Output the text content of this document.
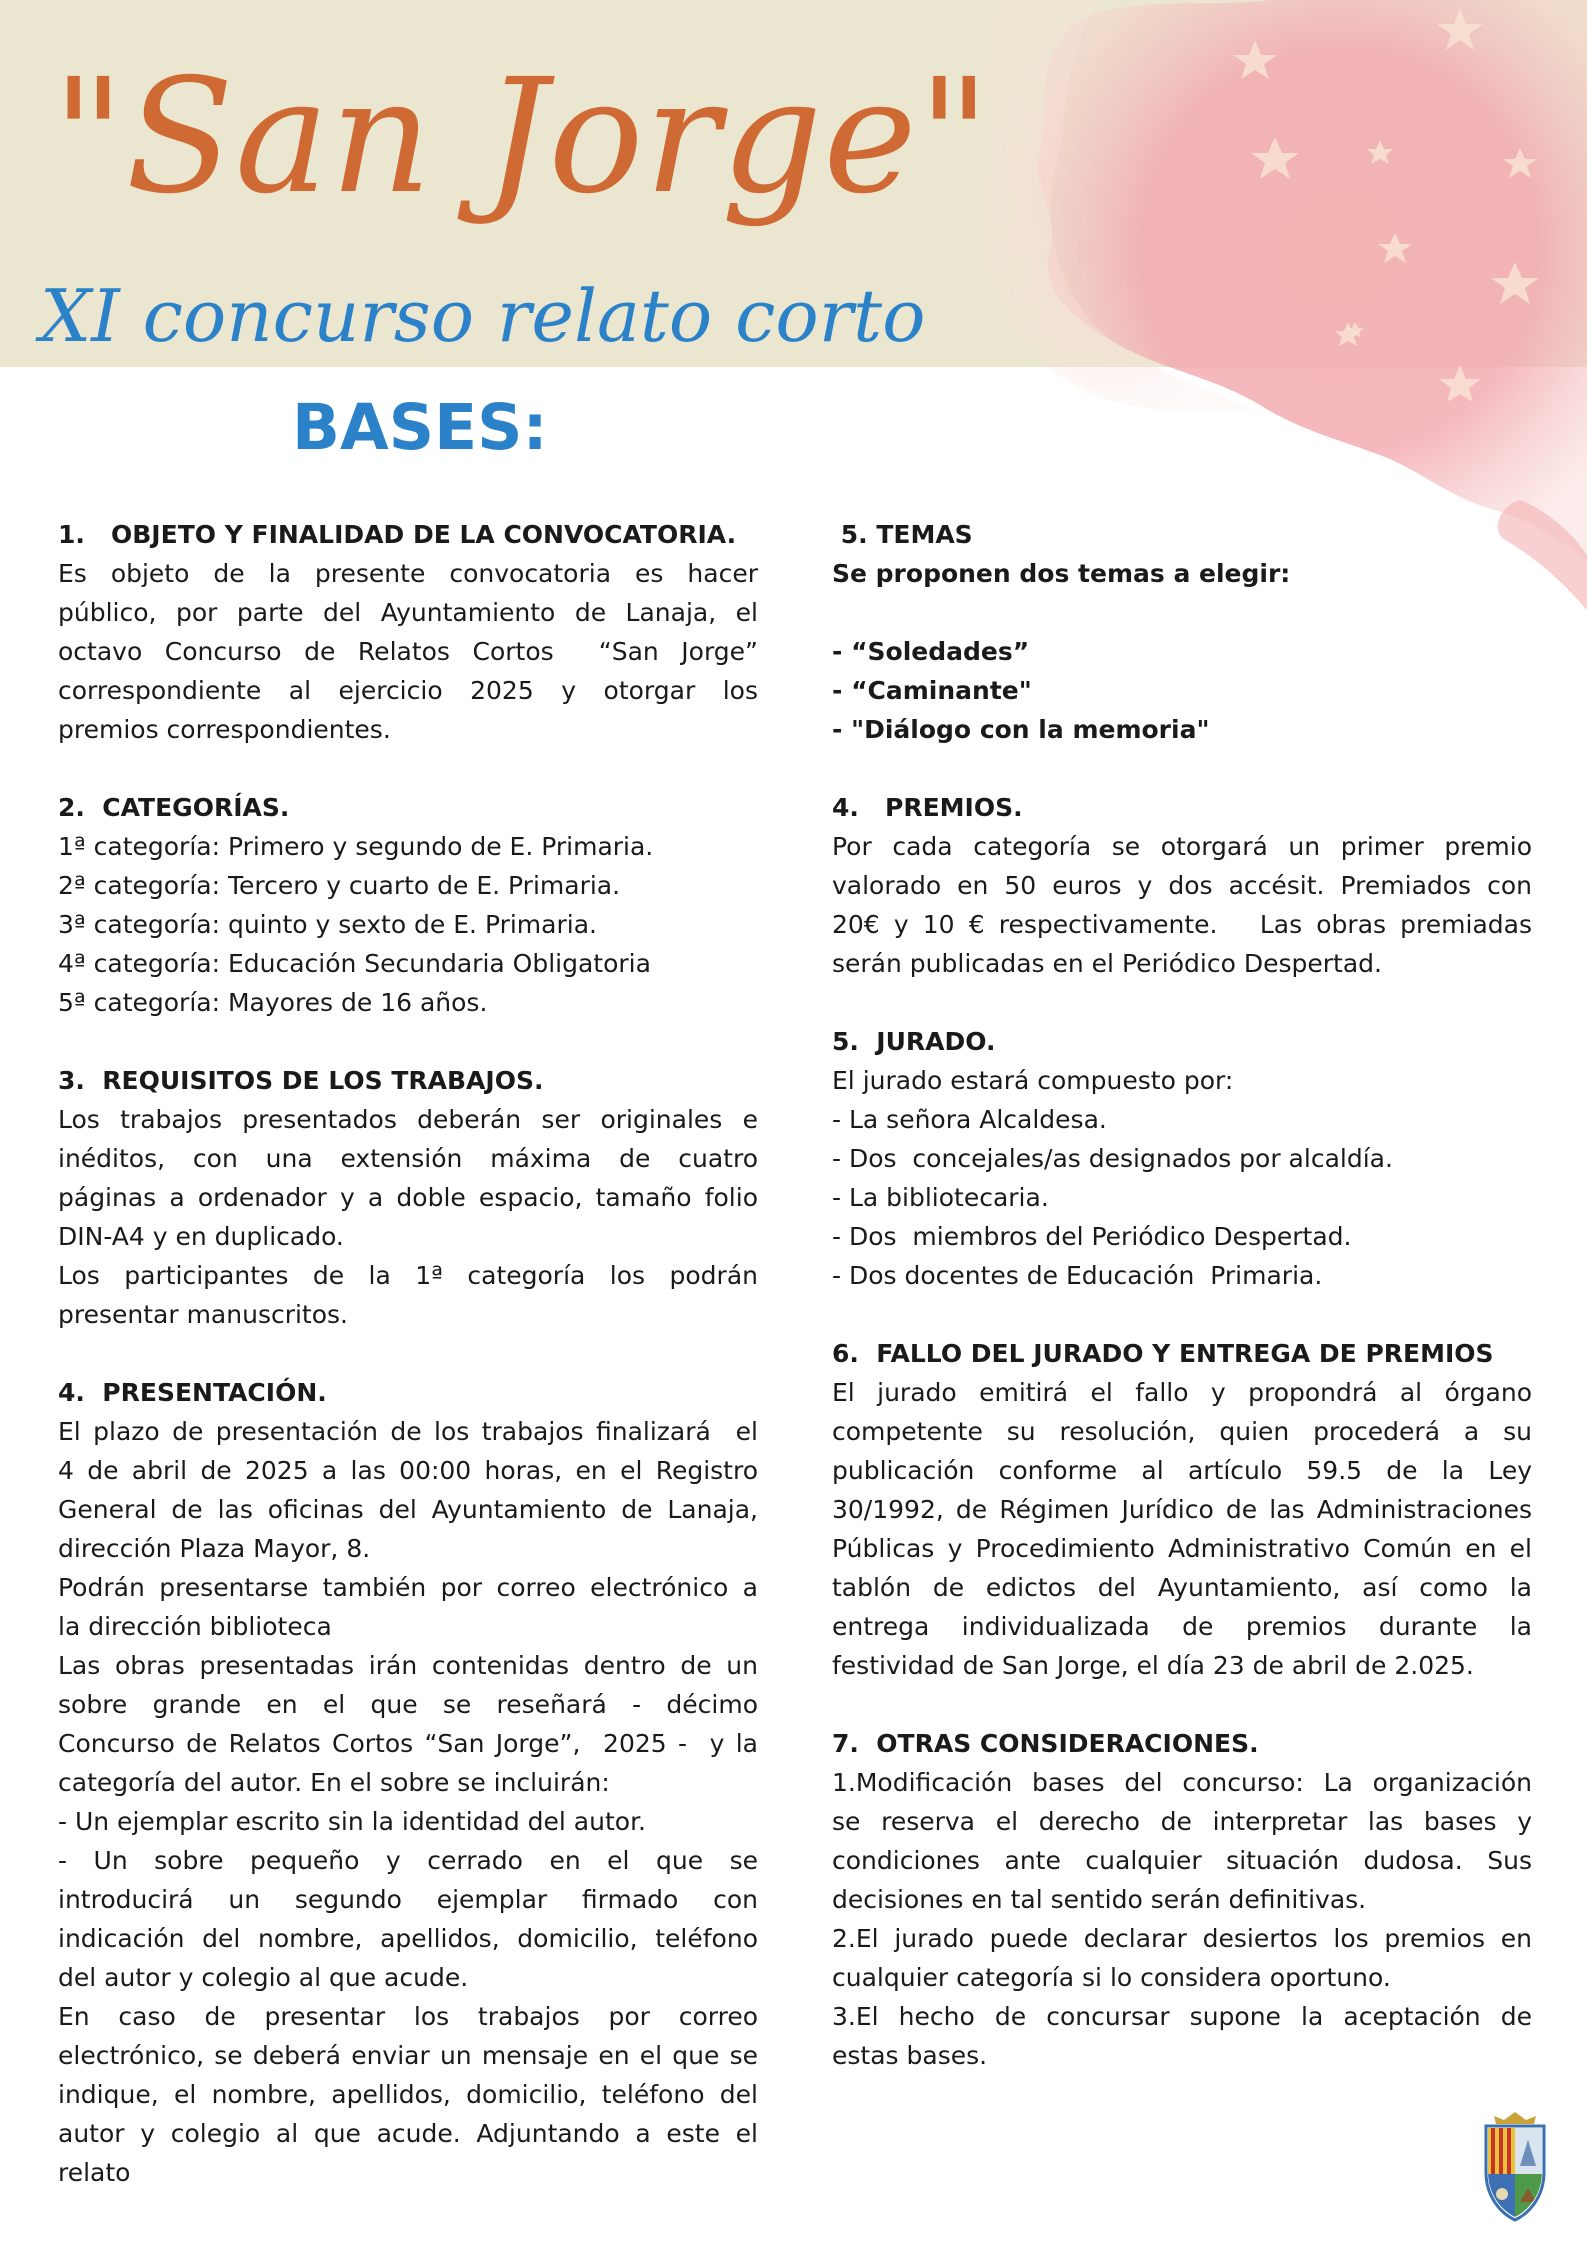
"San Jorge"
XI concurso relato corto
BASES:
1.   OBJETO Y FINALIDAD DE LA CONVOCATORIA.
Es objeto de la presente convocatoria es hacer
público, por parte del Ayuntamiento de Lanaja, el
octavo Concurso de Relatos Cortos  “San Jorge”
correspondiente al ejercicio 2025 y otorgar los
premios correspondientes.
2.  CATEGORÍAS.
1ª categoría: Primero y segundo de E. Primaria.
2ª categoría: Tercero y cuarto de E. Primaria.
3ª categoría: quinto y sexto de E. Primaria.
4ª categoría: Educación Secundaria Obligatoria
5ª categoría: Mayores de 16 años.
3.  REQUISITOS DE LOS TRABAJOS.
Los trabajos presentados deberán ser originales e
inéditos, con una extensión máxima de cuatro
páginas a ordenador y a doble espacio, tamaño folio
DIN-A4 y en duplicado.
Los participantes de la 1ª categoría los podrán
presentar manuscritos.
4.  PRESENTACIÓN.
El plazo de presentación de los trabajos finalizará  el
4 de abril de 2025 a las 00:00 horas, en el Registro
General de las oficinas del Ayuntamiento de Lanaja,
dirección Plaza Mayor, 8.
Podrán presentarse también por correo electrónico a
la dirección biblioteca
Las obras presentadas irán contenidas dentro de un
sobre grande en el que se reseñará - décimo
Concurso de Relatos Cortos “San Jorge”,  2025 -  y la
categoría del autor. En el sobre se incluirán:
- Un ejemplar escrito sin la identidad del autor.
- Un sobre pequeño y cerrado en el que se
introducirá un segundo ejemplar firmado con
indicación del nombre, apellidos, domicilio, teléfono
del autor y colegio al que acude.
En caso de presentar los trabajos por correo
electrónico, se deberá enviar un mensaje en el que se
indique, el nombre, apellidos, domicilio, teléfono del
autor y colegio al que acude. Adjuntando a este el
relato
5. TEMAS
Se proponen dos temas a elegir:
- “Soledades”
- “Caminante"
- "Diálogo con la memoria"
4.   PREMIOS.
Por cada categoría se otorgará un primer premio
valorado en 50 euros y dos accésit. Premiados con
20€ y 10 € respectivamente.   Las obras premiadas
serán publicadas en el Periódico Despertad.
5.  JURADO.
El jurado estará compuesto por:
- La señora Alcaldesa.
- Dos  concejales/as designados por alcaldía.
- La bibliotecaria.
- Dos  miembros del Periódico Despertad.
- Dos docentes de Educación  Primaria.
6.  FALLO DEL JURADO Y ENTREGA DE PREMIOS
El jurado emitirá el fallo y propondrá al órgano
competente su resolución, quien procederá a su
publicación conforme al artículo 59.5 de la Ley
30/1992, de Régimen Jurídico de las Administraciones
Públicas y Procedimiento Administrativo Común en el
tablón de edictos del Ayuntamiento, así como la
entrega individualizada de premios durante la
festividad de San Jorge, el día 23 de abril de 2.025.
7.  OTRAS CONSIDERACIONES.
1.Modificación bases del concurso: La organización
se reserva el derecho de interpretar las bases y
condiciones ante cualquier situación dudosa. Sus
decisiones en tal sentido serán definitivas.
2.El jurado puede declarar desiertos los premios en
cualquier categoría si lo considera oportuno.
3.El hecho de concursar supone la aceptación de
estas bases.
